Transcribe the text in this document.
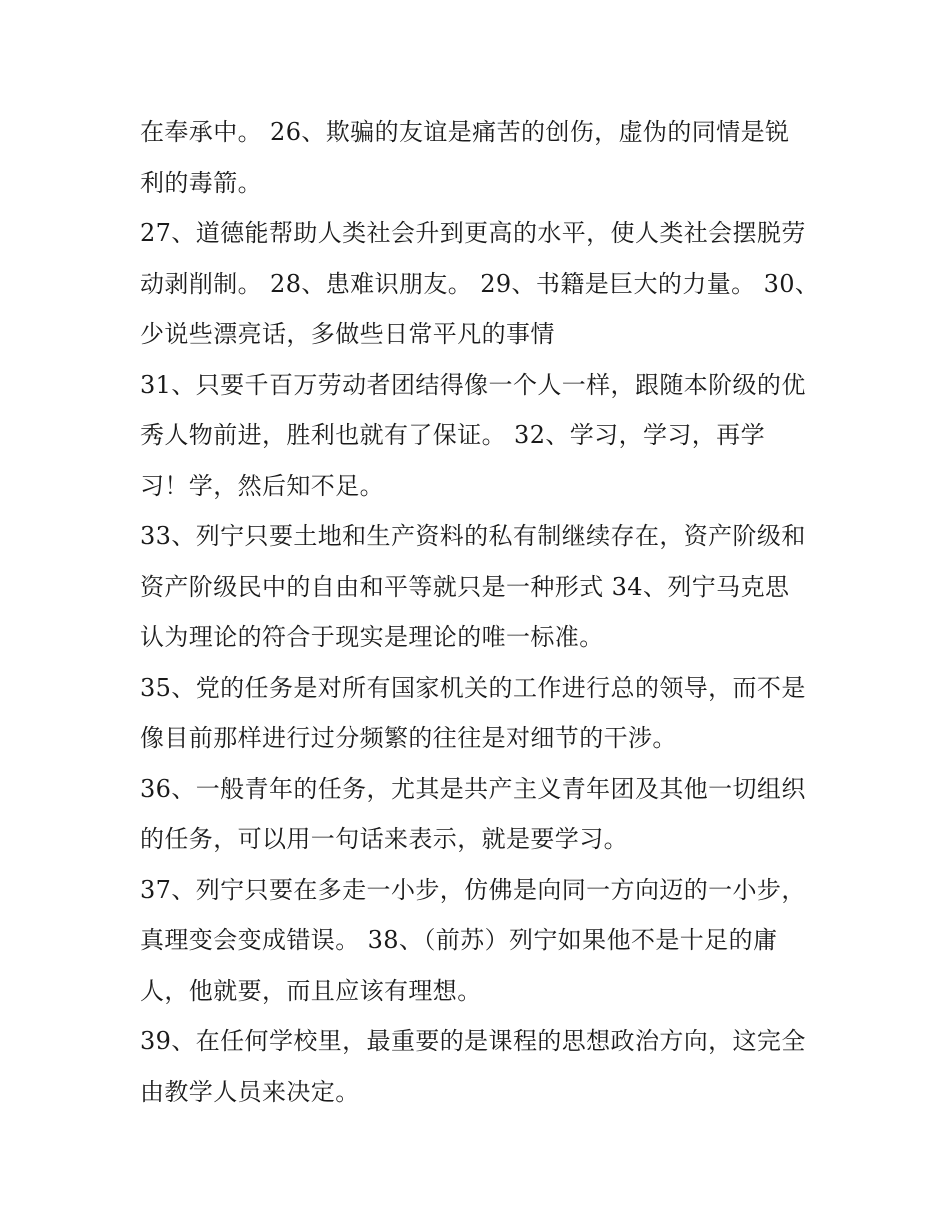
在奉承中。 26、欺骗的友谊是痛苦的创伤，虚伪的同情是锐
利的毒箭。
27、道德能帮助人类社会升到更高的水平，使人类社会摆脱劳
动剥削制。 28、患难识朋友。 29、书籍是巨大的力量。 30、
少说些漂亮话，多做些日常平凡的事情
31、只要千百万劳动者团结得像一个人一样，跟随本阶级的优
秀人物前进，胜利也就有了保证。 32、学习，学习，再学
习！学，然后知不足。
33、列宁只要土地和生产资料的私有制继续存在，资产阶级和
资产阶级民中的自由和平等就只是一种形式 34、列宁马克思
认为理论的符合于现实是理论的唯一标准。
35、党的任务是对所有国家机关的工作进行总的领导，而不是
像目前那样进行过分频繁的往往是对细节的干涉。
36、一般青年的任务，尤其是共产主义青年团及其他一切组织
的任务，可以用一句话来表示，就是要学习。
37、列宁只要在多走一小步，仿佛是向同一方向迈的一小步，
真理变会变成错误。 38、（前苏）列宁如果他不是十足的庸
人，他就要，而且应该有理想。
39、在任何学校里，最重要的是课程的思想政治方向，这完全
由教学人员来决定。
